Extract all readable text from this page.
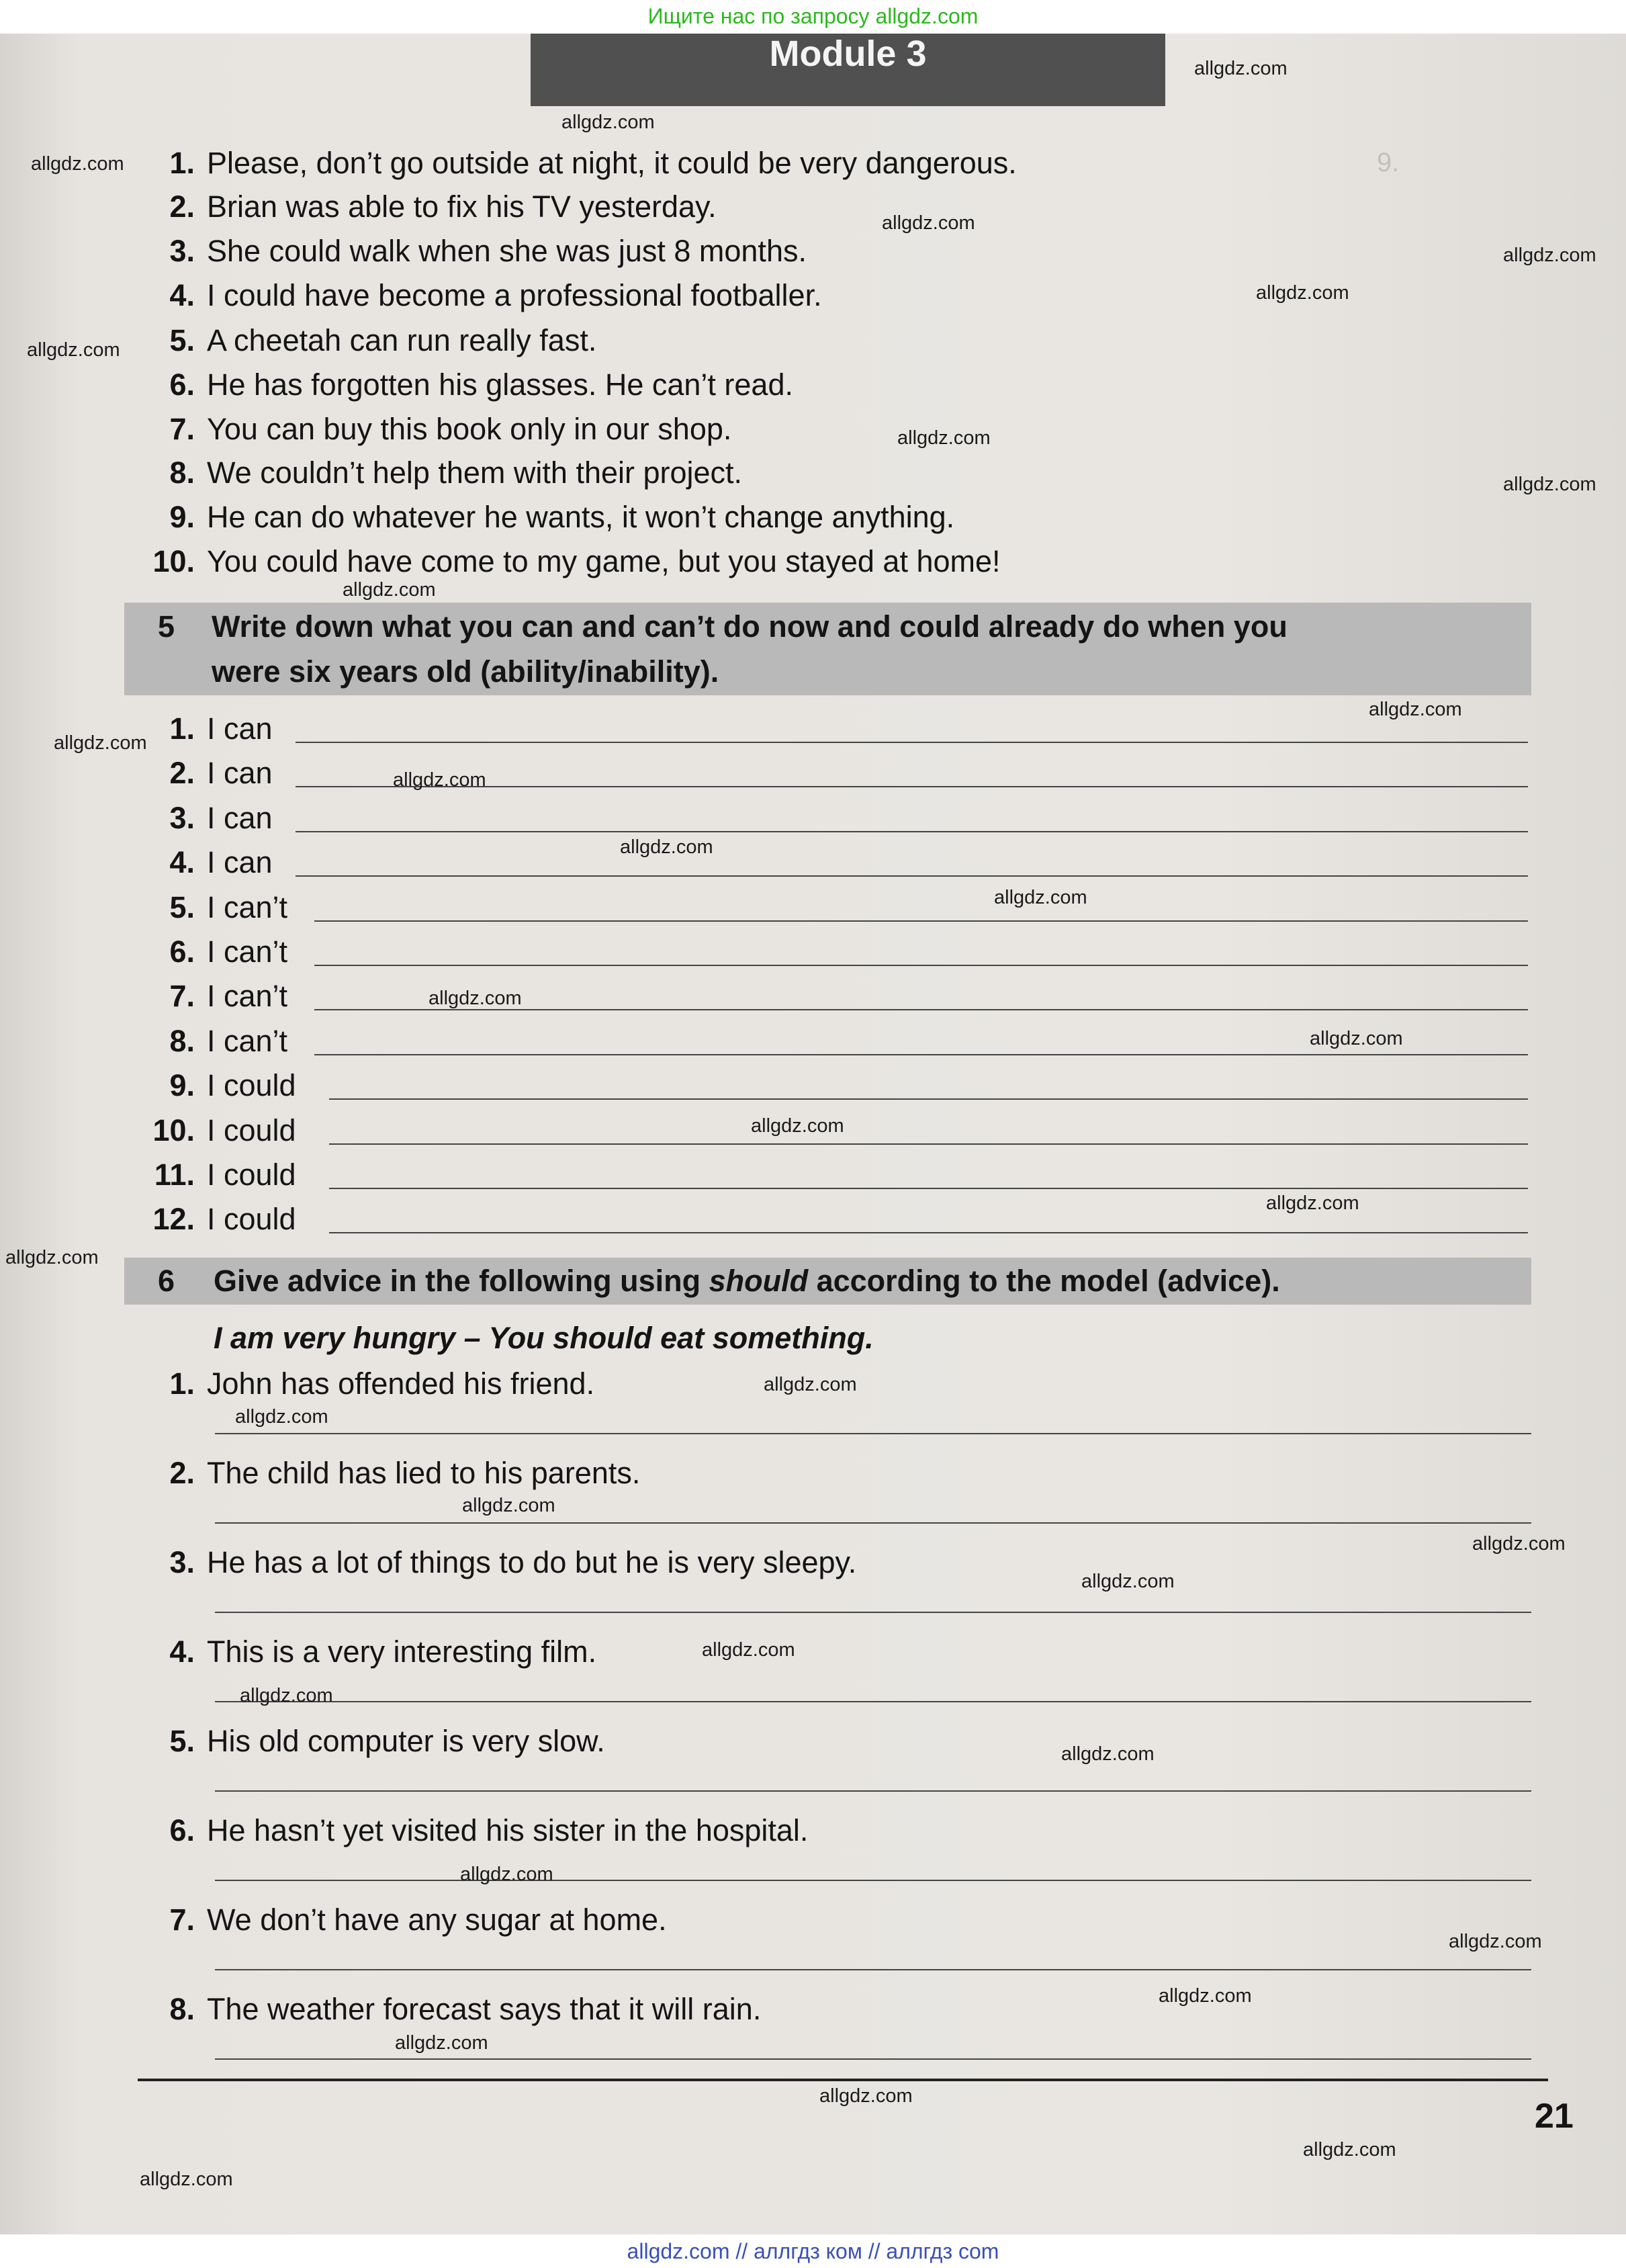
9.
Ищите нас по запросу allgdz.com
Module 3
1. Please, don’t go outside at night, it could be very dangerous.
2. Brian was able to fix his TV yesterday.
3. She could walk when she was just 8 months.
4. I could have become a professional footballer.
5. A cheetah can run really fast.
6. He has forgotten his glasses. He can’t read.
7. You can buy this book only in our shop.
8. We couldn’t help them with their project.
9. He can do whatever he wants, it won’t change anything.
10. You could have come to my game, but you stayed at home!
5 Write down what you can and can’t do now and could already do when you
were six years old (ability/inability).
1. I can
2. I can
3. I can
4. I can
5. I can’t
6. I can’t
7. I can’t
8. I can’t
9. I could
10. I could
11. I could
12. I could
6 Give advice in the following using should according to the model (advice).
I am very hungry – You should eat something.
1. John has offended his friend.
2. The child has lied to his parents.
3. He has a lot of things to do but he is very sleepy.
4. This is a very interesting film.
5. His old computer is very slow.
6. He hasn’t yet visited his sister in the hospital.
7. We don’t have any sugar at home.
8. The weather forecast says that it will rain.
21
allgdz.com
allgdz.com
allgdz.com
allgdz.com
allgdz.com
allgdz.com
allgdz.com
allgdz.com
allgdz.com
allgdz.com
allgdz.com
allgdz.com
allgdz.com
allgdz.com
allgdz.com
allgdz.com
allgdz.com
allgdz.com
allgdz.com
allgdz.com
allgdz.com
allgdz.com
allgdz.com
allgdz.com
allgdz.com
allgdz.com
allgdz.com
allgdz.com
allgdz.com
allgdz.com
allgdz.com
allgdz.com
allgdz.com
allgdz.com
allgdz.com
allgdz.com // аллгдз ком // аллгдз com
